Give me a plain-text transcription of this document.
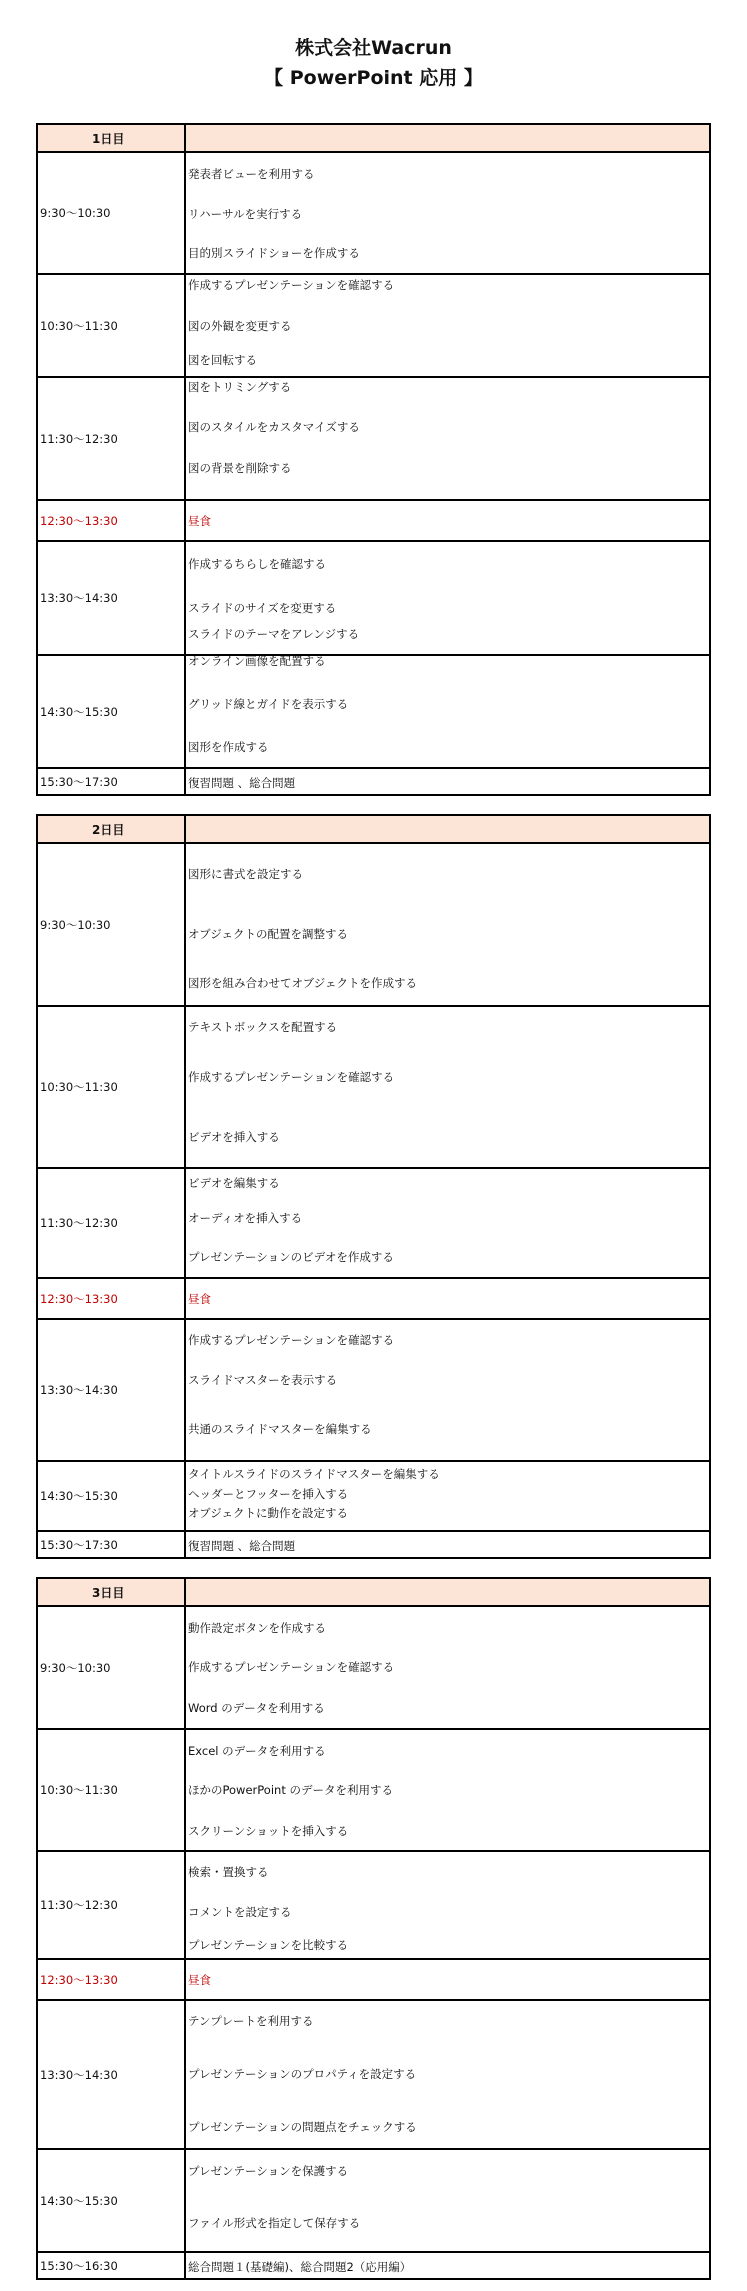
株式会社Wacrun
【 PowerPoint 応用 】
1日目	
9:30〜10:30	発表者ビューを利用する
リハーサルを実行する
目的別スライドショーを作成する

10:30〜11:30	作成するプレゼンテーションを確認する
図の外観を変更する
図を回転する

11:30〜12:30	図をトリミングする
図のスタイルをカスタマイズする
図の背景を削除する

12:30〜13:30	昼食

13:30〜14:30	作成するちらしを確認する
スライドのサイズを変更する
スライドのテーマをアレンジする

14:30〜15:30	オンライン画像を配置する
グリッド線とガイドを表示する
図形を作成する

15:30〜17:30	復習問題 、総合問題
2日目	
9:30〜10:30	図形に書式を設定する
オブジェクトの配置を調整する
図形を組み合わせてオブジェクトを作成する

10:30〜11:30	テキストボックスを配置する
作成するプレゼンテーションを確認する
ビデオを挿入する

11:30〜12:30	ビデオを編集する
オーディオを挿入する
プレゼンテーションのビデオを作成する

12:30〜13:30	昼食

13:30〜14:30	作成するプレゼンテーションを確認する
スライドマスターを表示する
共通のスライドマスターを編集する

14:30〜15:30	タイトルスライドのスライドマスターを編集する
ヘッダーとフッターを挿入する
オブジェクトに動作を設定する

15:30〜17:30	復習問題 、総合問題
3日目	
9:30〜10:30	動作設定ボタンを作成する
作成するプレゼンテーションを確認する
Word のデータを利用する

10:30〜11:30	Excel のデータを利用する
ほかのPowerPoint のデータを利用する
スクリーンショットを挿入する

11:30〜12:30	検索・置換する
コメントを設定する
プレゼンテーションを比較する

12:30〜13:30	昼食

13:30〜14:30	テンプレートを利用する
プレゼンテーションのプロパティを設定する
プレゼンテーションの問題点をチェックする

14:30〜15:30	プレゼンテーションを保護する
ファイル形式を指定して保存する

15:30〜16:30	総合問題１(基礎編)、総合問題2（応用編）
